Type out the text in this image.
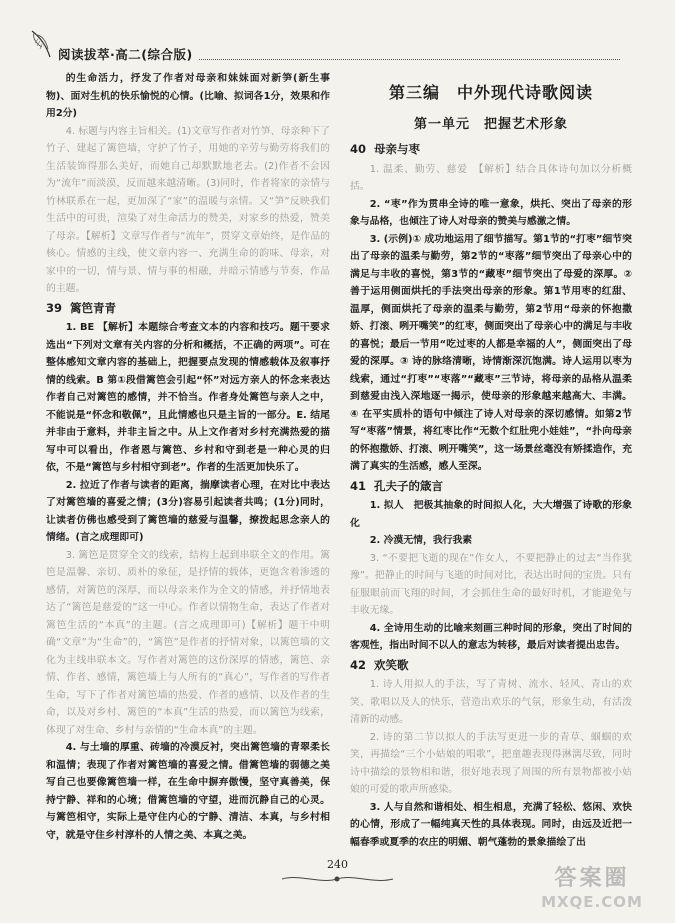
阅读拔萃·高二(综合版)

的生命活力，抒发了作者对母亲和妹妹面对新笋(新生事物)、面对生机的快乐愉悦的心情。(比喻、拟词各1分，效果和作用2分)

4. 标题与内容主旨相关。(1)文章写作者对竹笋、母亲种下了竹子、建起了篱笆墙，守护了竹子，用她的辛劳与勤劳将我们的生活装饰得那么美好，而她自己却默默地老去。(2)作者不会因为“流年”而淡漠，反而越来越清晰。(3)同时，作者将家的亲情与竹林联系在一起，更加深了“家”的温暖与亲情。又“笋”反映我们生活中的可贵，渲染了对生命活力的赞美，对家乡的热爱，赞美了母亲。【解析】文章写作者与“流年”，贯穿文章始终，是作品的核心。情感的主线，使文章内容一、充满生命的韵味、母亲，对家中的一切，情与景、情与事的相融，并暗示情感与节奏，作品的主题。

39 篱笆青青

1. BE 【解析】本题综合考查文本的内容和技巧。题干要求选出“下列对文章有关内容的分析和概括，不正确的两项”。可在整体感知文章内容的基础上，把握要点发现的情感载体及叙事抒情的线索。B 第①段借篱笆会引起“怀”对远方亲人的怀念来表达作者自己对篱笆的感情，并不恰当。作者身处篱笆与亲人之中，不能说是“怀念和敬佩”，且此情感也只是主旨的一部分。E. 结尾并非由于意料，并非主旨之中。从上文作者对乡村充满热爱的描写中可以看出，作者恩与篱笆、乡村和守到老是一种心灵的归依，不是“篱笆与乡村相守到老”。作者的生活更加快乐了。

2. 拉近了作者与读者的距离，揣摩读者心理，在对比中表达了对篱笆墙的喜爱之情；(3分)容易引起读者共鸣；(1分)同时，让读者仿佛也感受到了篱笆墙的慈爱与温馨，撩拨起思念亲人的情绪。(言之成理即可)

3. 篱笆是贯穿全文的线索，结构上起到串联全文的作用。篱笆是温馨、亲切、质朴的象征，是抒情的载体，更饱含着渗透的感情，对篱笆的深厚，而以母亲来作为全文的情感，并抒情地表达了“篱笆是慈爱的”这一中心。作者以情物生命，表达了作者对篱笆生活的“本真”的主题。(言之成理即可)【解析】题干中明确“文章”为“生命”的，“篱笆”是作者的抒情对象，以篱笆墙的文化为主线串联本文。写作者对篱笆的这份深厚的情感，篱笆、亲情、作者、感情，篱笆墙上与人所有的“真心”，写作者的写作者生命，写下了作者对篱笆墙的热爱、作者的感情、以及作者的生命，以及对乡村、篱笆的“本真”生活的热爱，而以篱笆为线索，体现了对生命、乡村与亲情的“生命本真”的主题。

4. 与土墙的厚重、砖墙的冷漠反衬，突出篱笆墙的青翠柔长和温情；表现了作者对篱笆墙的喜爱之情。借篱笆墙的弱德之美写自己也要像篱笆墙一样，在生命中摒弃傲慢，坚守真善美，保持宁静、祥和的心境；借篱笆墙的守望，进而沉静自己的心灵。与篱笆相守，实际上是守住内心的宁静、清洁、本真，与乡村相守，就是守住乡村淳朴的人情之美、本真之美。

第三编　中外现代诗歌阅读
第一单元　把握艺术形象

40 母亲与枣

1. 温柔、勤劳、慈爱　【解析】结合具体诗句加以分析概括。

2. “枣”作为贯串全诗的唯一意象，烘托、突出了母亲的形象与品格，也倾注了诗人对母亲的赞美与感激之情。

3. (示例)① 成功地运用了细节描写。第1节的“打枣”细节突出了母亲的温柔与勤劳，第2节的“枣落”细节突出了母亲心中的满足与丰收的喜悦，第3节的“藏枣”细节突出了母爱的深厚。② 善于运用侧面烘托的手法突出母亲的形象。第1节用枣的红甜、温厚，侧面烘托了母亲的温柔与勤劳，第2节用“母亲的怀抱撒娇、打滚、咧开嘴笑”的红枣，侧面突出了母亲心中的满足与丰收的喜悦；最后一节用“吃过枣的人都是幸福的人”，侧面突出了母爱的深厚。③ 诗的脉络清晰，诗情渐深沉饱满。诗人运用以枣为线索，通过“打枣”“枣落”“藏枣”三节诗，将母亲的品格从温柔到慈爱由浅入深地逐一揭示，使母亲的形象越来越高大、丰满。④ 在平实质朴的语句中倾注了诗人对母亲的深切感情。如第2节写“枣落”情景，将红枣比作“无数个红肚兜小娃娃”，“扑向母亲的怀抱撒娇、打滚、咧开嘴笑”，这一场景丝毫没有矫揉造作，充满了真实的生活感，感人至深。

41 孔夫子的箴言

1. 拟人　把极其抽象的时间拟人化，大大增强了诗歌的形象化

2. 冷漠无情，我行我素

3. “不要把飞逝的现在”作女人，不要把静止的过去“当作犹豫”。把静止的时间与飞逝的时间对比，表达出时间的宝贵。只有征服眼前而飞翔的时间，才会抓住生命的最好时机，才能避免与丰收无缘。

4. 全诗用生动的比喻来刻画三种时间的形象，突出了时间的客观性，指出时间不以人的意志为转移，最后对读者提出忠告。

42 欢笑歌

1. 诗人用拟人的手法，写了青树、流水、轻风、青山的欢笑、歌唱以及人的快乐，营造出欢乐的气氛，形象生动，有活泼清新的动感。

2. 诗的第二节以拟人的手法写更进一步的青草、蝈蝈的欢笑，再描绘“三个小姑娘的唱歌”，把童趣表现得淋漓尽致，同时诗中描绘的景物相和谐，很好地表现了周围的所有景物都被小姑娘的可爱的歌声所感染。

3. 人与自然和谐相处、相生相息，充满了轻松、悠闲、欢快的心情，形成了一幅纯真天性的具体表现。同时，由远及近把一幅春季或夏季的农庄的明媚、朝气蓬勃的景象描绘了出

240
答案圈
MXQE.COM
